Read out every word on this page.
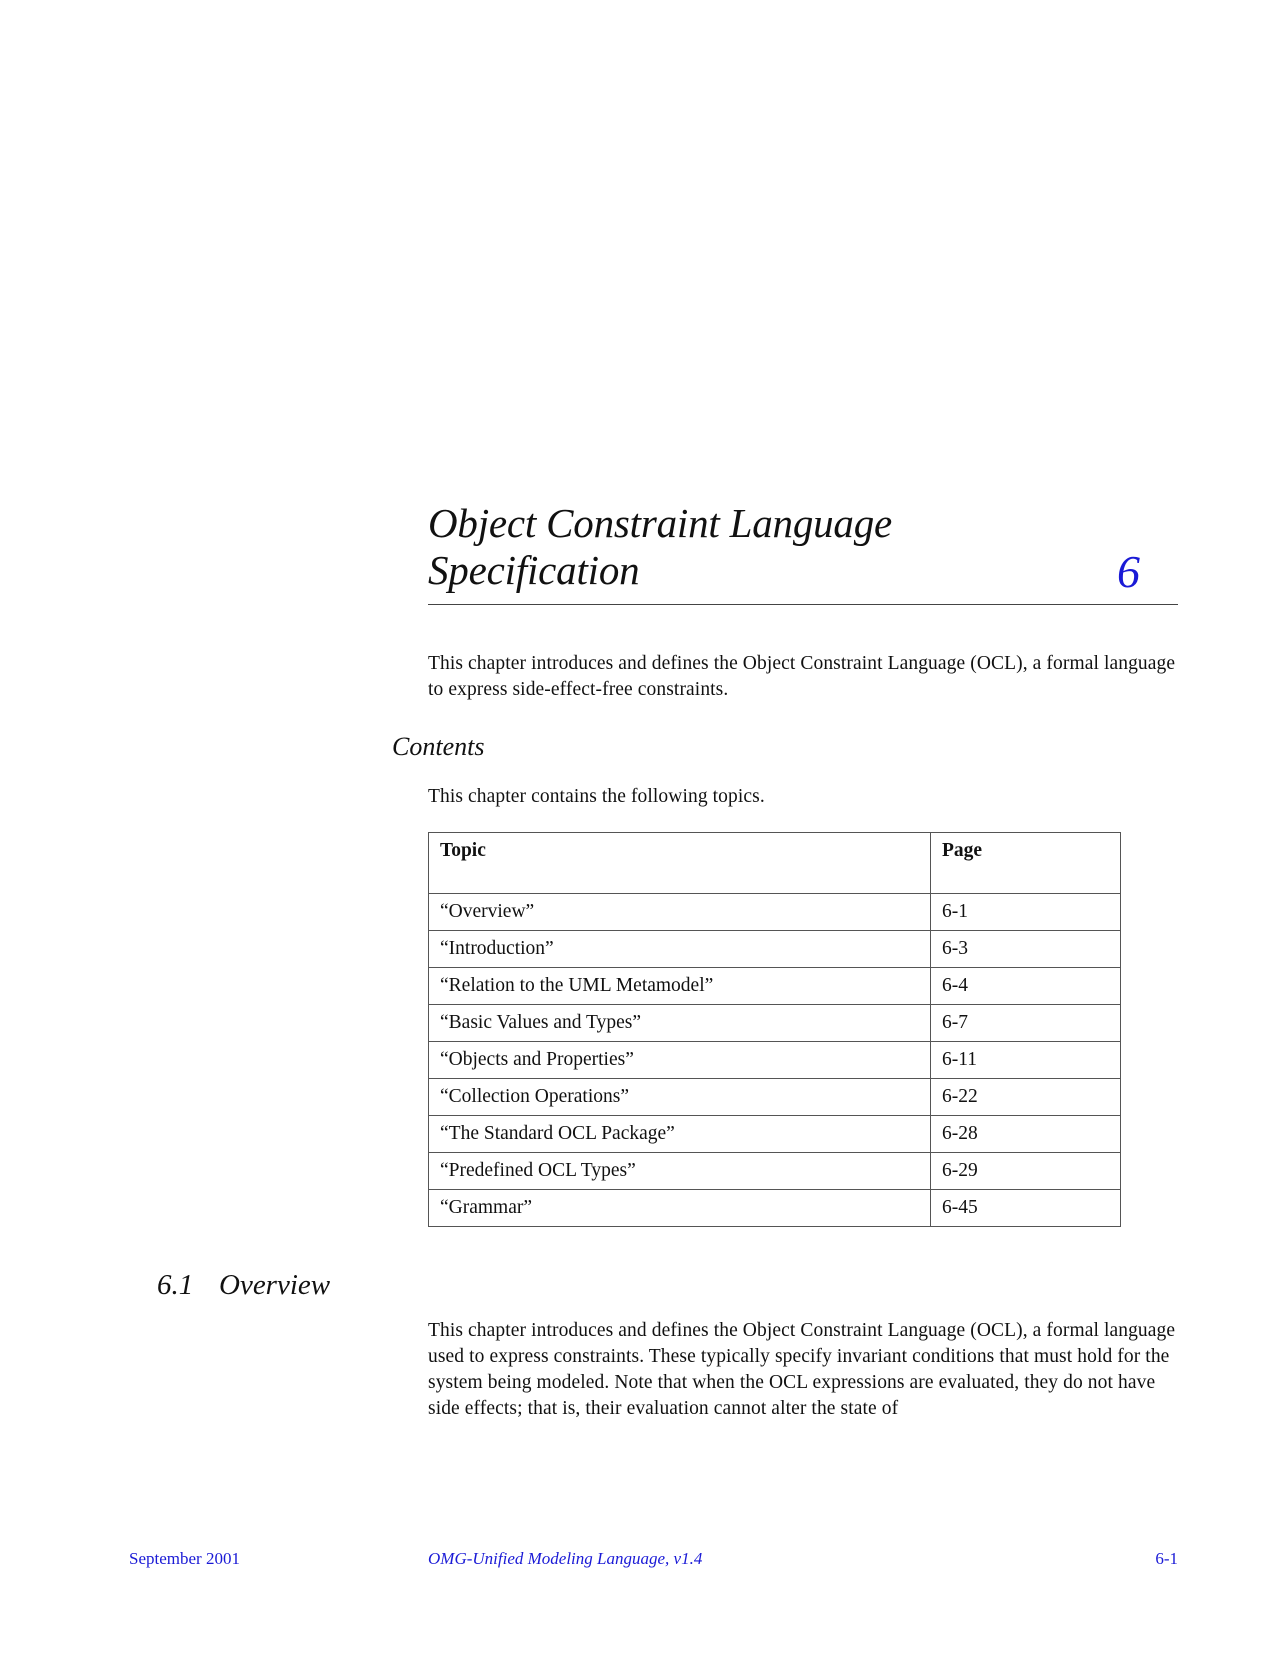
Object Constraint Language
Specification	6
This chapter introduces and defines the Object Constraint Language (OCL), a formal language to express side-effect-free constraints.
Contents
This chapter contains the following topics.
Topic	Page
“Overview”	6-1
“Introduction”	6-3
“Relation to the UML Metamodel”	6-4
“Basic Values and Types”	6-7
“Objects and Properties”	6-11
“Collection Operations”	6-22
“The Standard OCL Package”	6-28
“Predefined OCL Types”	6-29
“Grammar”	6-45
6.1 Overview
This chapter introduces and defines the Object Constraint Language (OCL), a formal language used to express constraints. These typically specify invariant conditions that must hold for the system being modeled. Note that when the OCL expressions are evaluated, they do not have side effects; that is, their evaluation cannot alter the state of
September 2001	OMG-Unified Modeling Language, v1.4	6-1
